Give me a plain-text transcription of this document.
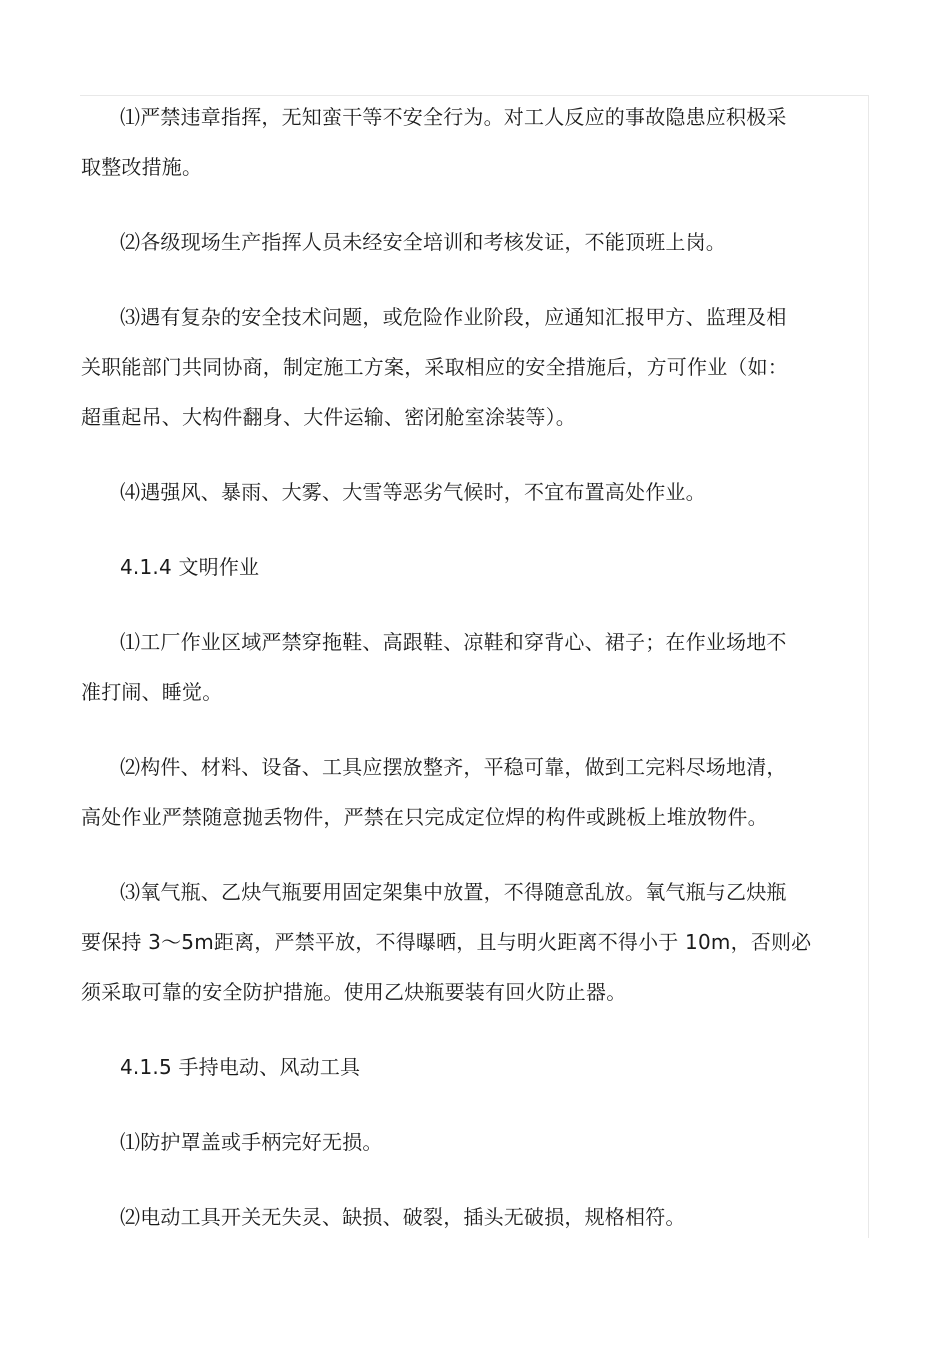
⑴严禁违章指挥，无知蛮干等不安全行为。对工人反应的事故隐患应积极采
取整改措施。
⑵各级现场生产指挥人员未经安全培训和考核发证，不能顶班上岗。
⑶遇有复杂的安全技术问题，或危险作业阶段，应通知汇报甲方、监理及相
关职能部门共同协商，制定施工方案，采取相应的安全措施后，方可作业（如：
超重起吊、大构件翻身、大件运输、密闭舱室涂装等）。
⑷遇强风、暴雨、大雾、大雪等恶劣气候时，不宜布置高处作业。
4.1.4 文明作业
⑴工厂作业区域严禁穿拖鞋、高跟鞋、凉鞋和穿背心、裙子；在作业场地不
准打闹、睡觉。
⑵构件、材料、设备、工具应摆放整齐，平稳可靠，做到工完料尽场地清，
高处作业严禁随意抛丢物件，严禁在只完成定位焊的构件或跳板上堆放物件。
⑶氧气瓶、乙炔气瓶要用固定架集中放置，不得随意乱放。氧气瓶与乙炔瓶
要保持 3～5m距离，严禁平放，不得曝晒，且与明火距离不得小于 10m，否则必
须采取可靠的安全防护措施。使用乙炔瓶要装有回火防止器。
4.1.5 手持电动、风动工具
⑴防护罩盖或手柄完好无损。
⑵电动工具开关无失灵、缺损、破裂，插头无破损，规格相符。
